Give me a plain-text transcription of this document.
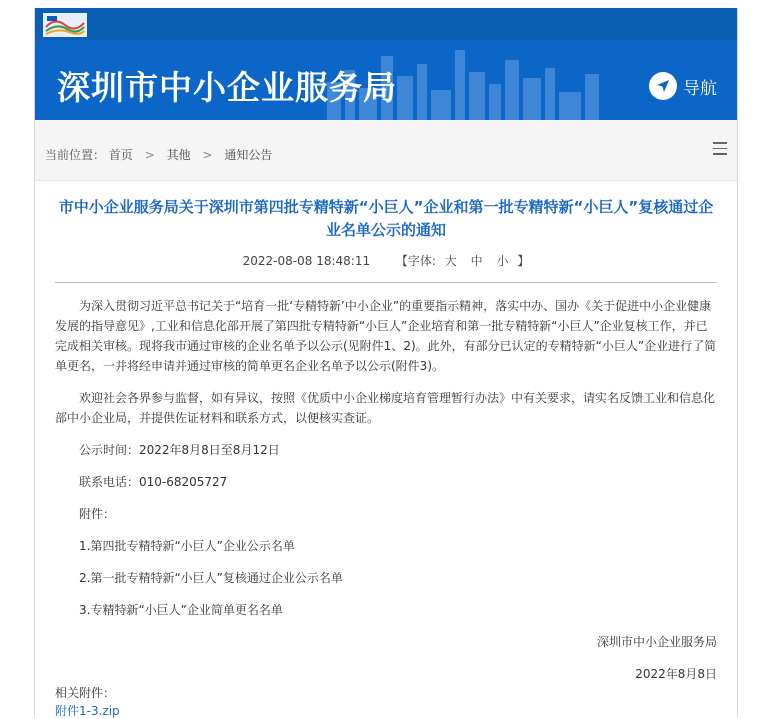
深圳市中小企业服务局	导航
当前位置： 首页 > 其他 > 通知公告
市中小企业服务局关于深圳市第四批专精特新“小巨人”企业和第一批专精特新“小巨人”复核通过企业名单公示的通知
2022-08-08 18:48:11 【字体: 大 中 小 】

为深入贯彻习近平总书记关于“培育一批‘专精特新’中小企业”的重要指示精神，落实中办、国办《关于促进中小企业健康发展的指导意见》,工业和信息化部开展了第四批专精特新“小巨人”企业培育和第一批专精特新“小巨人”企业复核工作，并已完成相关审核。现将我市通过审核的企业名单予以公示(见附件1、2)。此外，有部分已认定的专精特新“小巨人”企业进行了简单更名，一并将经申请并通过审核的简单更名企业名单予以公示(附件3)。

欢迎社会各界参与监督，如有异议，按照《优质中小企业梯度培育管理暂行办法》中有关要求，请实名反馈工业和信息化部中小企业局，并提供佐证材料和联系方式，以便核实查证。

公示时间：2022年8月8日至8月12日

联系电话：010-68205727

附件：

1.第四批专精特新“小巨人”企业公示名单

2.第一批专精特新“小巨人”复核通过企业公示名单

3.专精特新“小巨人”企业简单更名名单

深圳市中小企业服务局

2022年8月8日

相关附件：
附件1-3.zip
